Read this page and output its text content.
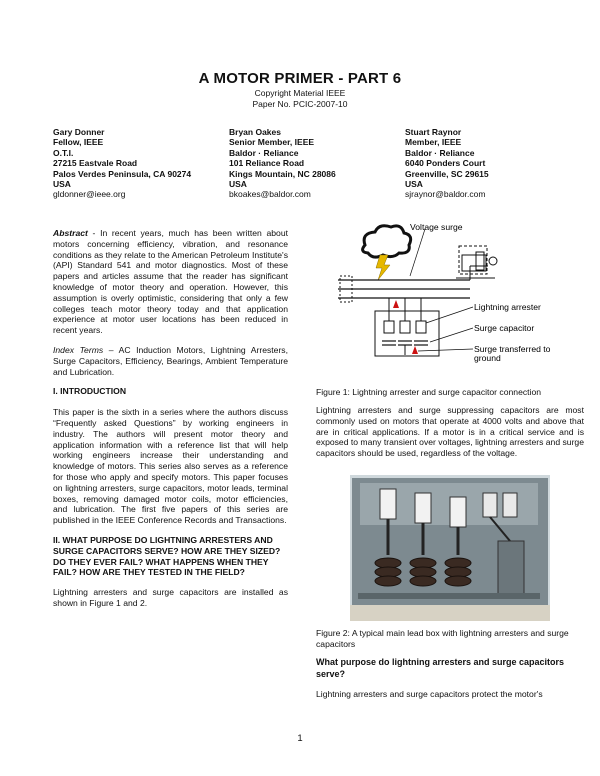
A MOTOR PRIMER - PART 6
Copyright Material IEEE
Paper No. PCIC-2007-10
Gary Donner
Fellow, IEEE
O.T.I.
27215 Eastvale Road
Palos Verdes Peninsula, CA 90274
USA
gldonner@ieee.org
Bryan Oakes
Senior Member, IEEE
Baldor · Reliance
101 Reliance Road
Kings Mountain, NC 28086
USA
bkoakes@baldor.com
Stuart Raynor
Member, IEEE
Baldor · Reliance
6040 Ponders Court
Greenville, SC 29615
USA
sjraynor@baldor.com

Abstract - In recent years, much has been written about motors concerning efficiency, vibration, and resonance conditions as they relate to the American Petroleum Institute's (API) Standard 541 and motor diagnostics. Most of these papers and articles assume that the reader has significant knowledge of motor theory and operation. However, this assumption is overly optimistic, considering that only a few colleges teach motor theory today and that application experience at motor user locations has been reduced in recent years.

Index Terms – AC Induction Motors, Lightning Arresters, Surge Capacitors, Efficiency, Bearings, Ambient Temperature and Lubrication.

I. INTRODUCTION

This paper is the sixth in a series where the authors discuss “Frequently asked Questions” by working engineers in industry. The authors will present motor theory and application information with a reference list that will help working engineers increase their understanding and knowledge of motors. This series also serves as a reference for those who apply and specify motors. This paper focuses on lightning arresters, surge capacitors, motor leads, terminal boxes, removing damaged motor coils, motor efficiencies, and lubrication. The first five papers of this series are published in the IEEE Conference Records and Transactions.

II. WHAT PURPOSE DO LIGHTNING ARRESTERS AND SURGE CAPACITORS SERVE? HOW ARE THEY SIZED? DO THEY EVER FAIL? WHAT HAPPENS WHEN THEY FAIL? HOW ARE THEY TESTED IN THE FIELD?

Lightning arresters and surge capacitors are installed as shown in Figure 1 and 2.

Voltage surge
Lightning arrester
Surge capacitor
Surge transferred to
ground
Figure 1: Lightning arrester and surge capacitor connection

Lightning arresters and surge suppressing capacitors are most commonly used on motors that operate at 4000 volts and above that are in critical applications. If a motor is in a critical service and is exposed to many transient over voltages, lightning arresters and surge capacitors should be used, regardless of the voltage.

Figure 2: A typical main lead box with lightning arresters and surge capacitors
What purpose do lightning arresters and surge capacitors serve?
Lightning arresters and surge capacitors protect the motor's
1
